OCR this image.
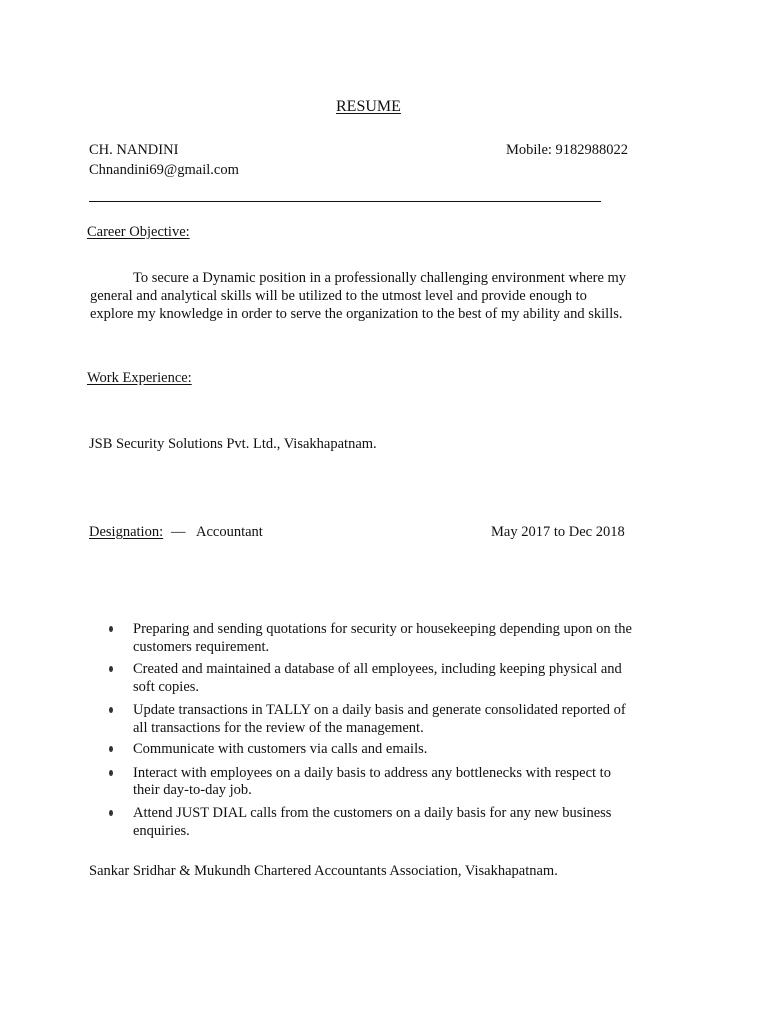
RESUME
CH. NANDINI	Mobile: 9182988022
Chnandini69@gmail.com
Career Objective:
To secure a Dynamic position in a professionally challenging environment where my
general and analytical skills will be utilized to the utmost level and provide enough to
explore my knowledge in order to serve the organization to the best of my ability and skills.
Work Experience:
JSB Security Solutions Pvt. Ltd., Visakhapatnam.
Designation: — Accountant	May 2017 to Dec 2018
Preparing and sending quotations for security or housekeeping depending upon on the
customers requirement.
Created and maintained a database of all employees, including keeping physical and
soft copies.
Update transactions in TALLY on a daily basis and generate consolidated reported of
all transactions for the review of the management.
Communicate with customers via calls and emails.
Interact with employees on a daily basis to address any bottlenecks with respect to
their day-to-day job.
Attend JUST DIAL calls from the customers on a daily basis for any new business
enquiries.
Sankar Sridhar & Mukundh Chartered Accountants Association, Visakhapatnam.
